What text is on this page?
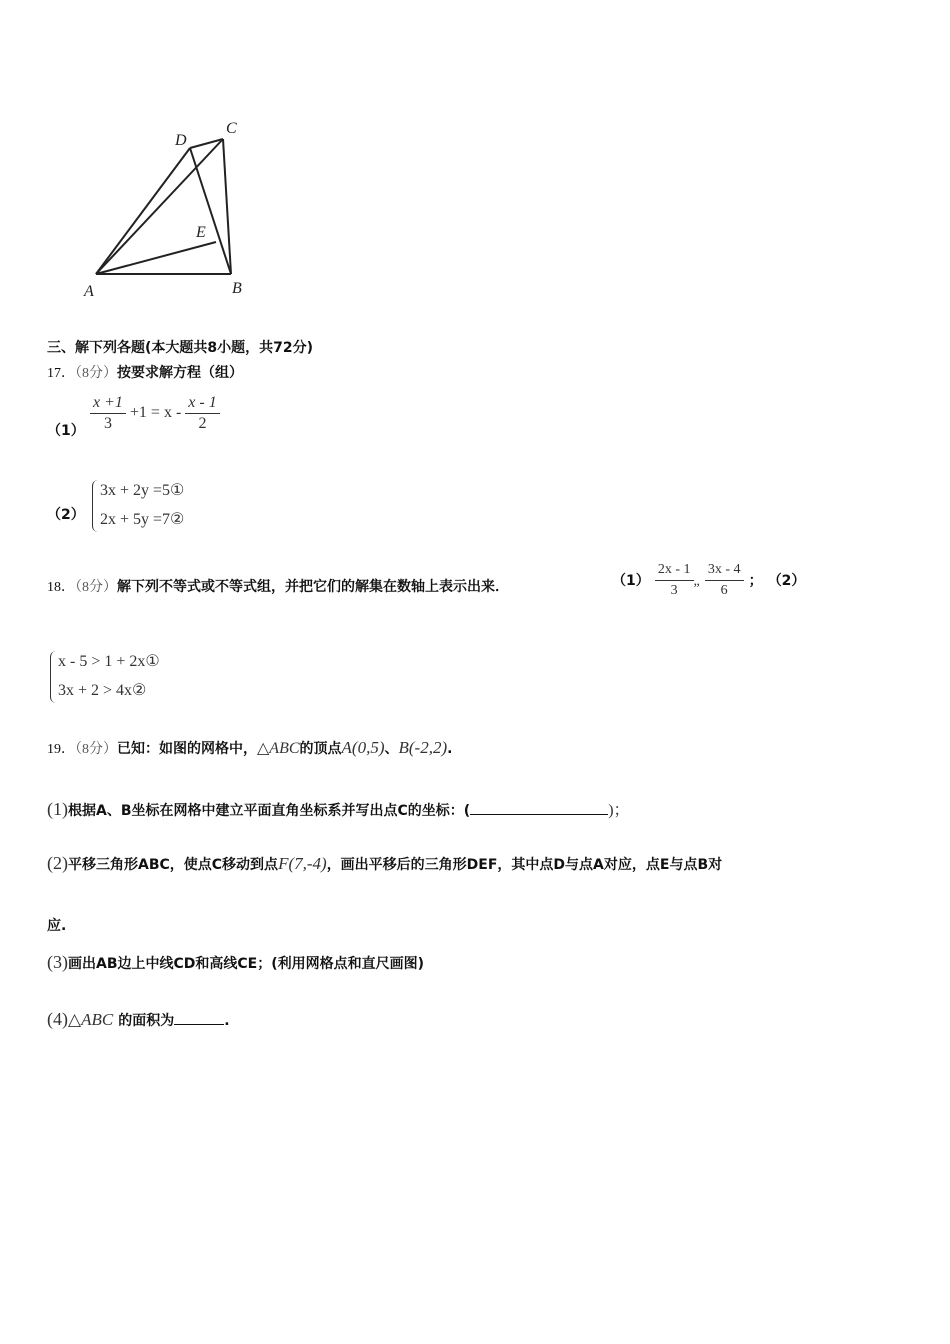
A	B
C
D
E
三、解下列各题(本大题共8小题，共72分)
17．（8分）按要求解方程（组）
$(1) \frac{x +1}{3} +1 = x - \frac{x - 1}{2}$
（2）
3x + 2y =5①
2x + 5y =7②
18．（8分）解下列不等式或不等式组，并把它们的解集在数轴上表示出来．	$(1) \frac{2x - 1}{3}$ „ $\frac{3x - 4}{6}$ ； （2）
x - 5 > 1 + 2x①
3x + 2 > 4x②
19．（8分）已知：如图的网格中，△ABC的顶点A(0,5)、B(-2,2).
(1)根据A、B坐标在网格中建立平面直角坐标系并写出点C的坐标：(	)；
(2)平移三角形ABC，使点C移动到点F(7,-4)，画出平移后的三角形DEF，其中点D与点A对应，点E与点B对
应.
(3)画出AB边上中线CD和高线CE；(利用网格点和直尺画图)
(4)△ABC 的面积为	.
